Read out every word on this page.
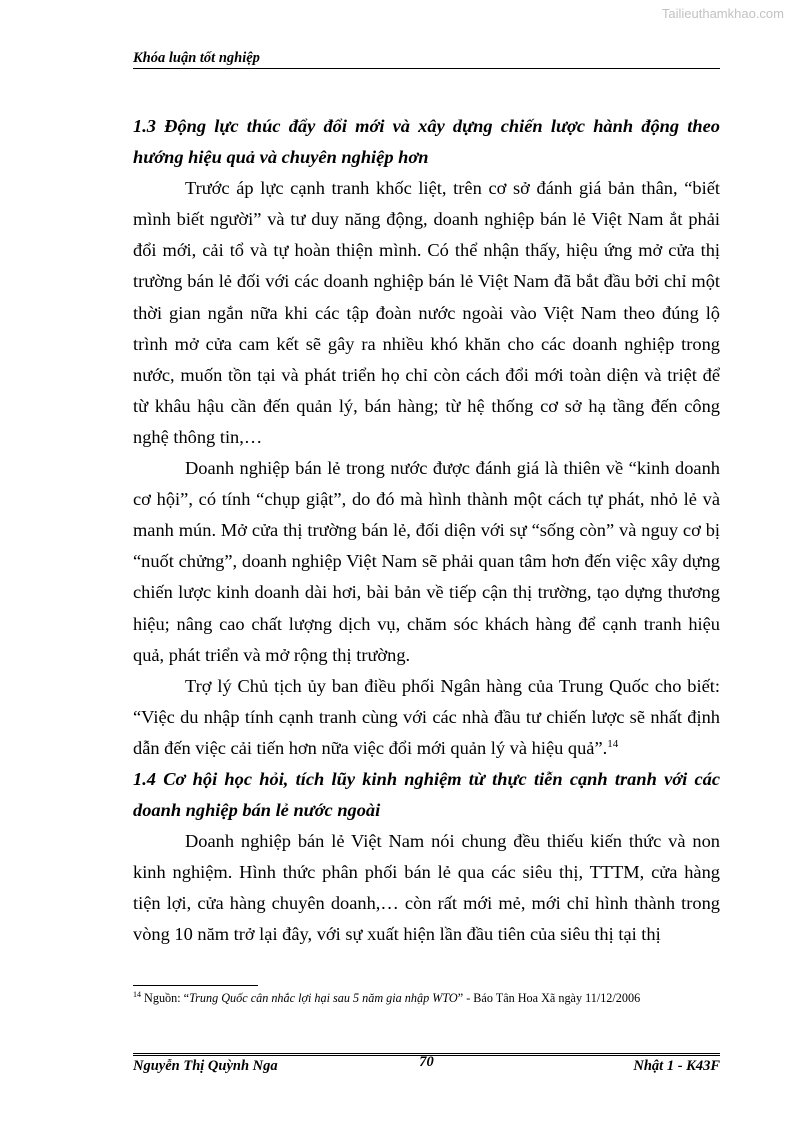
Tailieuthamkhao.com
Khóa luận tốt nghiệp

1.3 Động lực thúc đẩy đổi mới và xây dựng chiến lược hành động theo hướng hiệu quả và chuyên nghiệp hơn

Trước áp lực cạnh tranh khốc liệt, trên cơ sở đánh giá bản thân, “biết mình biết người” và tư duy năng động, doanh nghiệp bán lẻ Việt Nam ắt phải đổi mới, cải tổ và tự hoàn thiện mình. Có thể nhận thấy, hiệu ứng mở cửa thị trường bán lẻ đối với các doanh nghiệp bán lẻ Việt Nam đã bắt đầu bởi chỉ một thời gian ngắn nữa khi các tập đoàn nước ngoài vào Việt Nam theo đúng lộ trình mở cửa cam kết sẽ gây ra nhiều khó khăn cho các doanh nghiệp trong nước, muốn tồn tại và phát triển họ chỉ còn cách đổi mới toàn diện và triệt để từ khâu hậu cần đến quản lý, bán hàng; từ hệ thống cơ sở hạ tầng đến công nghệ thông tin,…

Doanh nghiệp bán lẻ trong nước được đánh giá là thiên về “kinh doanh cơ hội”, có tính “chụp giật”, do đó mà hình thành một cách tự phát, nhỏ lẻ và manh mún. Mở cửa thị trường bán lẻ, đối diện với sự “sống còn” và nguy cơ bị “nuốt chửng”, doanh nghiệp Việt Nam sẽ phải quan tâm hơn đến việc xây dựng chiến lược kinh doanh dài hơi, bài bản về tiếp cận thị trường, tạo dựng thương hiệu; nâng cao chất lượng dịch vụ, chăm sóc khách hàng để cạnh tranh hiệu quả, phát triển và mở rộng thị trường.

Trợ lý Chủ tịch ủy ban điều phối Ngân hàng của Trung Quốc cho biết: “Việc du nhập tính cạnh tranh cùng với các nhà đầu tư chiến lược sẽ nhất định dẫn đến việc cải tiến hơn nữa việc đổi mới quản lý và hiệu quả”.$^{14}$

1.4 Cơ hội học hỏi, tích lũy kinh nghiệm từ thực tiễn cạnh tranh với các doanh nghiệp bán lẻ nước ngoài

Doanh nghiệp bán lẻ Việt Nam nói chung đều thiếu kiến thức và non kinh nghiệm. Hình thức phân phối bán lẻ qua các siêu thị, TTTM, cửa hàng tiện lợi, cửa hàng chuyên doanh,… còn rất mới mẻ, mới chỉ hình thành trong vòng 10 năm trở lại đây, với sự xuất hiện lần đầu tiên của siêu thị tại thị

$^{14}$ Nguồn: “Trung Quốc cân nhắc lợi hại sau 5 năm gia nhập WTO” - Báo Tân Hoa Xã ngày 11/12/2006
Nguyễn Thị Quỳnh Nga	70	Nhật 1 - K43F
